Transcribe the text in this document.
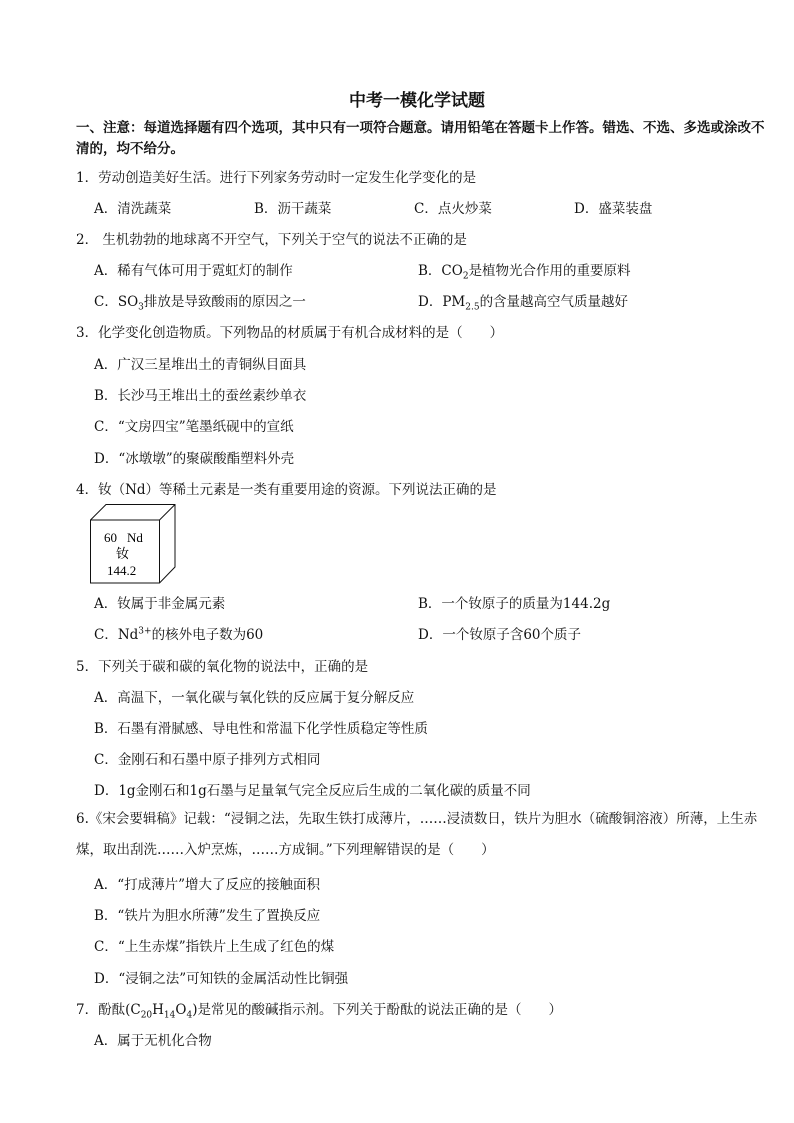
中考一模化学试题
一、注意：每道选择题有四个选项，其中只有一项符合题意。请用铅笔在答题卡上作答。错选、不选、多选或涂改不清的，均不给分。
1．劳动创造美好生活。进行下列家务劳动时一定发生化学变化的是
A．清洗蔬菜	B．沥干蔬菜	C．点火炒菜	D．盛菜装盘
2． 生机勃勃的地球离不开空气，下列关于空气的说法不正确的是
A．稀有气体可用于霓虹灯的制作	B．$CO_2$是植物光合作用的重要原料
C．$SO_3$排放是导致酸雨的原因之一	D．$PM_{2.5}$的含量越高空气质量越好
3．化学变化创造物质。下列物品的材质属于有机合成材料的是（　　）
A．广汉三星堆出土的青铜纵目面具
B．长沙马王堆出土的蚕丝素纱单衣
C．“文房四宝”笔墨纸砚中的宣纸
D．“冰墩墩”的聚碳酸酯塑料外壳
4．钕（Nd）等稀土元素是一类有重要用途的资源。下列说法正确的是
60 Nd
钕
144.2
A．钕属于非金属元素	B．一个钕原子的质量为144.2g
C．$Nd^{3+}$的核外电子数为60	D．一个钕原子含60个质子
5．下列关于碳和碳的氧化物的说法中，正确的是
A．高温下，一氧化碳与氧化铁的反应属于复分解反应
B．石墨有滑腻感、导电性和常温下化学性质稳定等性质
C．金刚石和石墨中原子排列方式相同
D．1g金刚石和1g石墨与足量氧气完全反应后生成的二氧化碳的质量不同
6.《宋会要辑稿》记载：“浸铜之法，先取生铁打成薄片，……浸渍数日，铁片为胆水（硫酸铜溶液）所薄，上生赤煤，取出刮洗……入炉烹炼，……方成铜。”下列理解错误的是（　　）
A．“打成薄片”增大了反应的接触面积
B．“铁片为胆水所薄”发生了置换反应
C．“上生赤煤”指铁片上生成了红色的煤
D．“浸铜之法”可知铁的金属活动性比铜强
7．酚酞$(C_{20}H_{14}O_4)$是常见的酸碱指示剂。下列关于酚酞的说法正确的是（　　）
A．属于无机化合物
